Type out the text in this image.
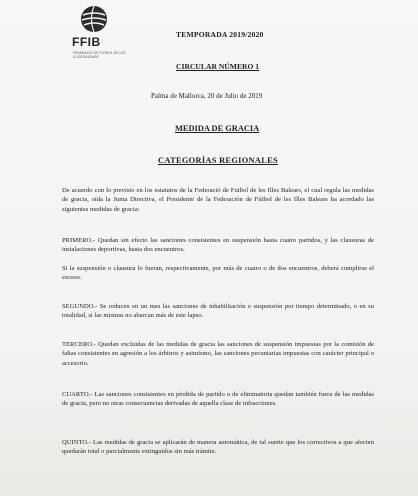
FFIB
FEDERACIÓ DE FUTBOL DE LES ILLES BALEARS
TEMPORADA 2019/2020
CIRCULAR NÚMERO 1
Palma de Mallorca, 20 de Julio de 2019
MEDIDA DE GRACIA
CATEGORÍAS REGIONALES
De acuerdo con lo previsto en los estatutos de la Federació de Futbol de les Illes Balears, el cual regula las medidas de gracia, oída la Junta Directiva, el Presidente de la Federación de Fútbol de les Illes Balears ha acordado las siguientes medidas de gracia:
PRIMERO.- Quedan sin efecto las sanciones consistentes en suspensión hasta cuatro partidos, y las clausuras de instalaciones deportivas, hasta dos encuentros.
Si la suspensión o clausura lo fueran, respectivamente, por más de cuatro o de dos encuentros, deberá cumplirse el exceso.
SEGUNDO.- Se reducen en un mes las sanciones de inhabilitación o suspensión por tiempo determinado, o en su totalidad, si las mismas no abarcan más de este lapso.
TERCERO.- Quedan excluidas de las medidas de gracia las sanciones de suspensión impuestas por la comisión de faltas consistentes en agresión a los árbitros y asimismo, las sanciones pecuniarias impuestas con carácter principal o accesorio.
CUARTO.- Las sanciones consistentes en pérdida de partido o de eliminatoria quedan también fuera de las medidas de gracia, pero no otras consecuencias derivadas de aquella clase de infracciones.
QUINTO.- Las medidas de gracia se aplicarán de manera automática, de tal suerte que los correctivos a que afecten quedarán total o parcialmente extinguidos sin más trámite.
